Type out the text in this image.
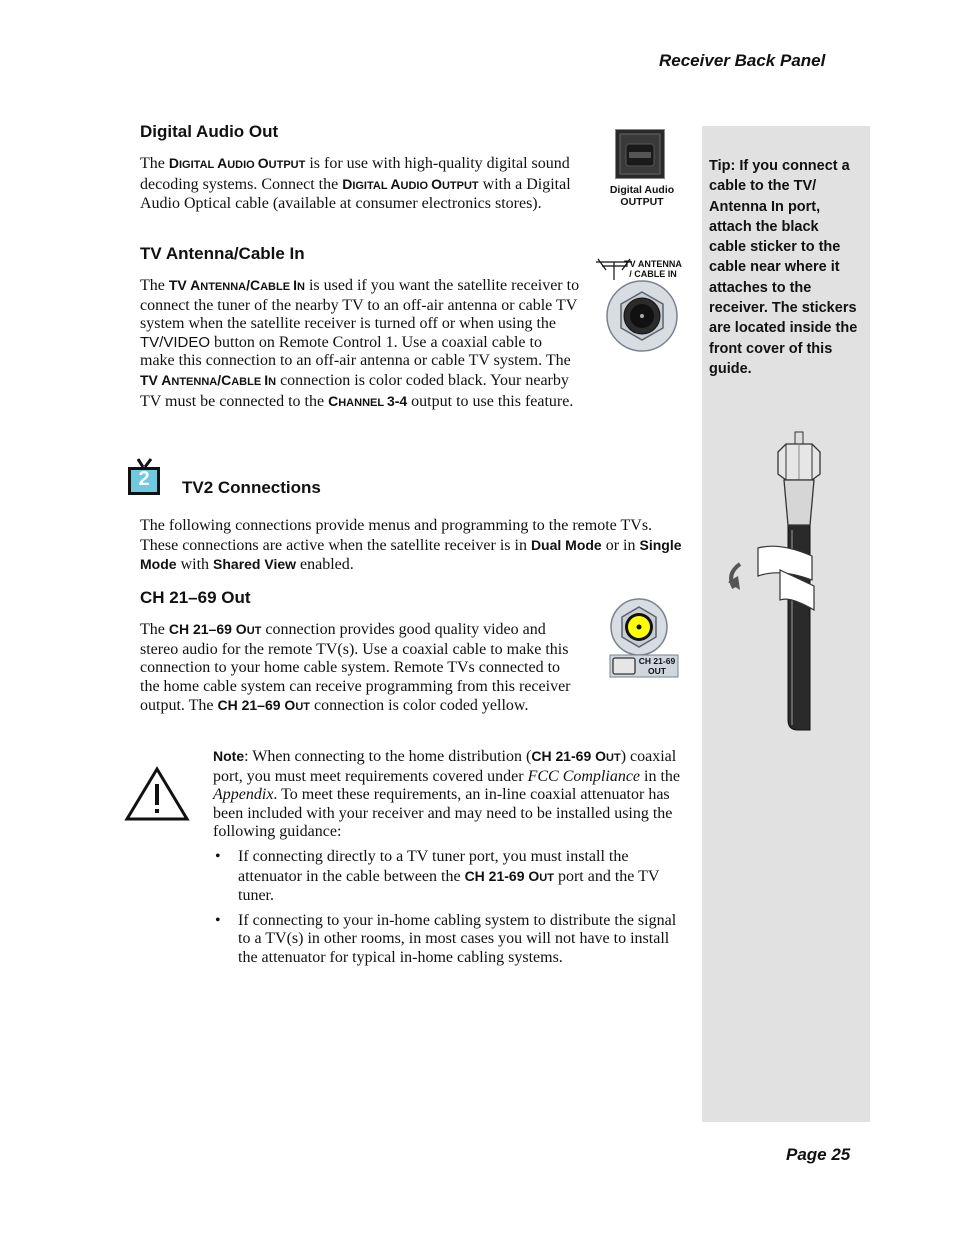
Receiver Back Panel
Digital Audio Out

The DIGITAL AUDIO OUTPUT is for use with high-quality digital sound decoding systems. Connect the DIGITAL AUDIO OUTPUT with a Digital Audio Optical cable (available at consumer electronics stores).

Digital Audio
OUTPUT
TV Antenna/Cable In

The TV ANTENNA/CABLE IN is used if you want the satellite receiver to connect the tuner of the nearby TV to an off-air antenna or cable TV system when the satellite receiver is turned off or when using the TV/VIDEO button on Remote Control 1. Use a coaxial cable to make this connection to an off-air antenna or cable TV system. The TV ANTENNA/CABLE IN connection is color coded black. Your nearby TV must be connected to the CHANNEL 3-4 output to use this feature.

TV ANTENNA
/ CABLE IN
2	TV2 Connections

The following connections provide menus and programming to the remote TVs. These connections are active when the satellite receiver is in Dual Mode or in Single Mode with Shared View enabled.

CH 21–69 Out

The CH 21–69 OUT connection provides good quality video and stereo audio for the remote TV(s). Use a coaxial cable to make this connection to your home cable system. Remote TVs connected to the home cable system can receive programming from this receiver output. The CH 21–69 OUT connection is color coded yellow.

CH 21-69
OUT

Note: When connecting to the home distribution (CH 21-69 OUT) coaxial port, you must meet requirements covered under FCC Compliance in the Appendix. To meet these requirements, an in-line coaxial attenuator has been included with your receiver and may need to be installed using the following guidance:

• If connecting directly to a TV tuner port, you must install the attenuator in the cable between the CH 21-69 OUT port and the TV tuner.
• If connecting to your in-home cabling system to distribute the signal to a TV(s) in other rooms, in most cases you will not have to install the attenuator for typical in-home cabling systems.
Tip: If you connect a cable to the TV/ Antenna In port, attach the black cable sticker to the cable near where it attaches to the receiver. The stickers are located inside the front cover of this guide.
Page 25
